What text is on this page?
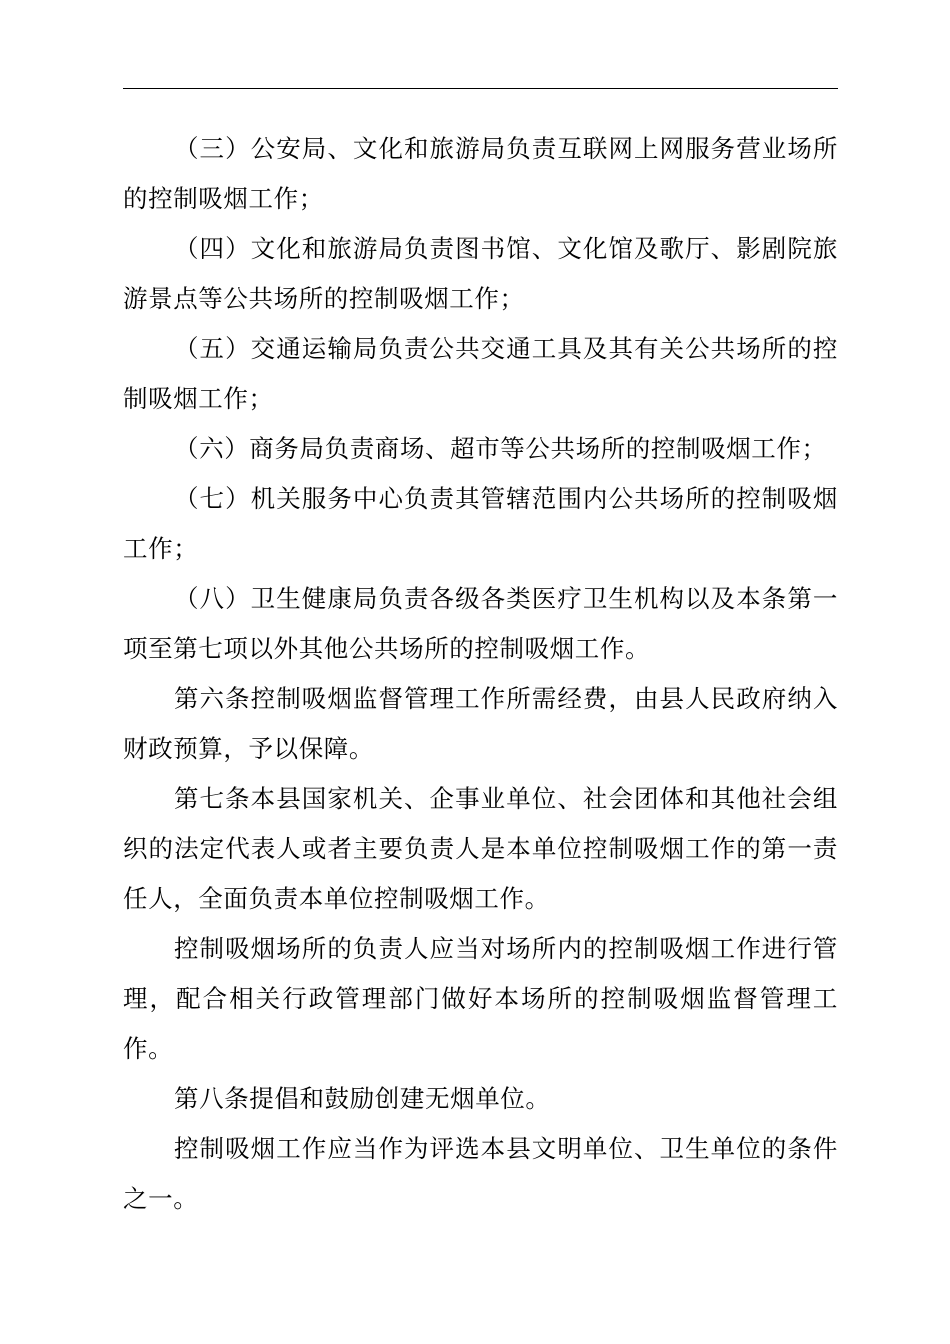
（三）公安局、文化和旅游局负责互联网上网服务营业场所的控制吸烟工作；

（四）文化和旅游局负责图书馆、文化馆及歌厅、影剧院旅游景点等公共场所的控制吸烟工作；

（五）交通运输局负责公共交通工具及其有关公共场所的控制吸烟工作；

（六）商务局负责商场、超市等公共场所的控制吸烟工作；

（七）机关服务中心负责其管辖范围内公共场所的控制吸烟工作；

（八）卫生健康局负责各级各类医疗卫生机构以及本条第一项至第七项以外其他公共场所的控制吸烟工作。

第六条控制吸烟监督管理工作所需经费，由县人民政府纳入财政预算，予以保障。

第七条本县国家机关、企事业单位、社会团体和其他社会组织的法定代表人或者主要负责人是本单位控制吸烟工作的第一责任人，全面负责本单位控制吸烟工作。

控制吸烟场所的负责人应当对场所内的控制吸烟工作进行管理，配合相关行政管理部门做好本场所的控制吸烟监督管理工作。

第八条提倡和鼓励创建无烟单位。

控制吸烟工作应当作为评选本县文明单位、卫生单位的条件之一。
